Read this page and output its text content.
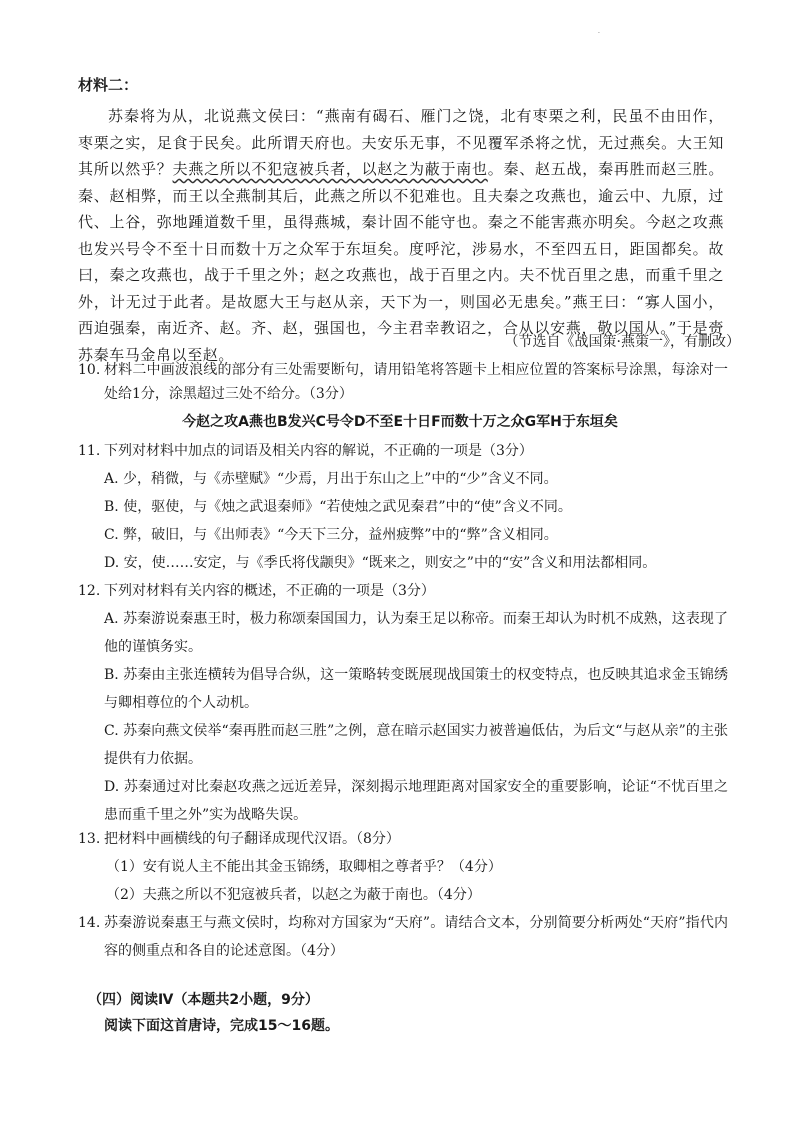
·
材料二：
苏秦将为从，北说燕文侯曰：“燕南有碣石、雁门之饶，北有枣栗之利，民虽不由田作，枣栗之实，足食于民矣。此所谓天府也。夫安乐无事，不见覆军杀将之忧，无过燕矣。大王知其所以然乎？夫燕之所以不犯寇被兵者，以赵之为蔽于南也。秦、赵五战，秦再胜而赵三胜。秦、赵相弊，而王以全燕制其后，此燕之所以不犯难也。且夫秦之攻燕也，逾云中、九原，过代、上谷，弥地踵道数千里，虽得燕城，秦计固不能守也。秦之不能害燕亦明矣。今赵之攻燕也发兴号令不至十日而数十万之众军于东垣矣。度呼沱，涉易水，不至四五日，距国都矣。故曰，秦之攻燕也，战于千里之外；赵之攻燕也，战于百里之内。夫不忧百里之患，而重千里之外，计无过于此者。是故愿大王与赵从亲，天下为一，则国必无患矣。”燕王曰：“寡人国小，西迫强秦，南近齐、赵。齐、赵，强国也，今主君幸教诏之，合从以安燕，敬以国从。”于是赍苏秦车马金帛以至赵。
（节选自《战国策·燕策一》，有删改）
10. 材料二中画波浪线的部分有三处需要断句，请用铅笔将答题卡上相应位置的答案标号涂黑，每涂对一处给1分，涂黑超过三处不给分。（3分）
今赵之攻A燕也B发兴C号令D不至E十日F而数十万之众G军H于东垣矣
11. 下列对材料中加点的词语及相关内容的解说，不正确的一项是（3分）
A. 少，稍微，与《赤壁赋》“少焉，月出于东山之上”中的“少”含义不同。
B. 使，驱使，与《烛之武退秦师》“若使烛之武见秦君”中的“使”含义不同。
C. 弊，破旧，与《出师表》“今天下三分，益州疲弊”中的“弊”含义相同。
D. 安，使……安定，与《季氏将伐颛臾》“既来之，则安之”中的“安”含义和用法都相同。
12. 下列对材料有关内容的概述，不正确的一项是（3分）
A. 苏秦游说秦惠王时，极力称颂秦国国力，认为秦王足以称帝。而秦王却认为时机不成熟，这表现了他的谨慎务实。
B. 苏秦由主张连横转为倡导合纵，这一策略转变既展现战国策士的权变特点，也反映其追求金玉锦绣与卿相尊位的个人动机。
C. 苏秦向燕文侯举“秦再胜而赵三胜”之例，意在暗示赵国实力被普遍低估，为后文“与赵从亲”的主张提供有力依据。
D. 苏秦通过对比秦赵攻燕之远近差异，深刻揭示地理距离对国家安全的重要影响，论证“不忧百里之患而重千里之外”实为战略失误。
13. 把材料中画横线的句子翻译成现代汉语。（8分）
（1）安有说人主不能出其金玉锦绣，取卿相之尊者乎？（4分）
（2）夫燕之所以不犯寇被兵者，以赵之为蔽于南也。（4分）
14. 苏秦游说秦惠王与燕文侯时，均称对方国家为“天府”。请结合文本，分别简要分析两处“天府”指代内容的侧重点和各自的论述意图。（4分）
（四）阅读Ⅳ（本题共2小题，9分）
阅读下面这首唐诗，完成15～16题。
